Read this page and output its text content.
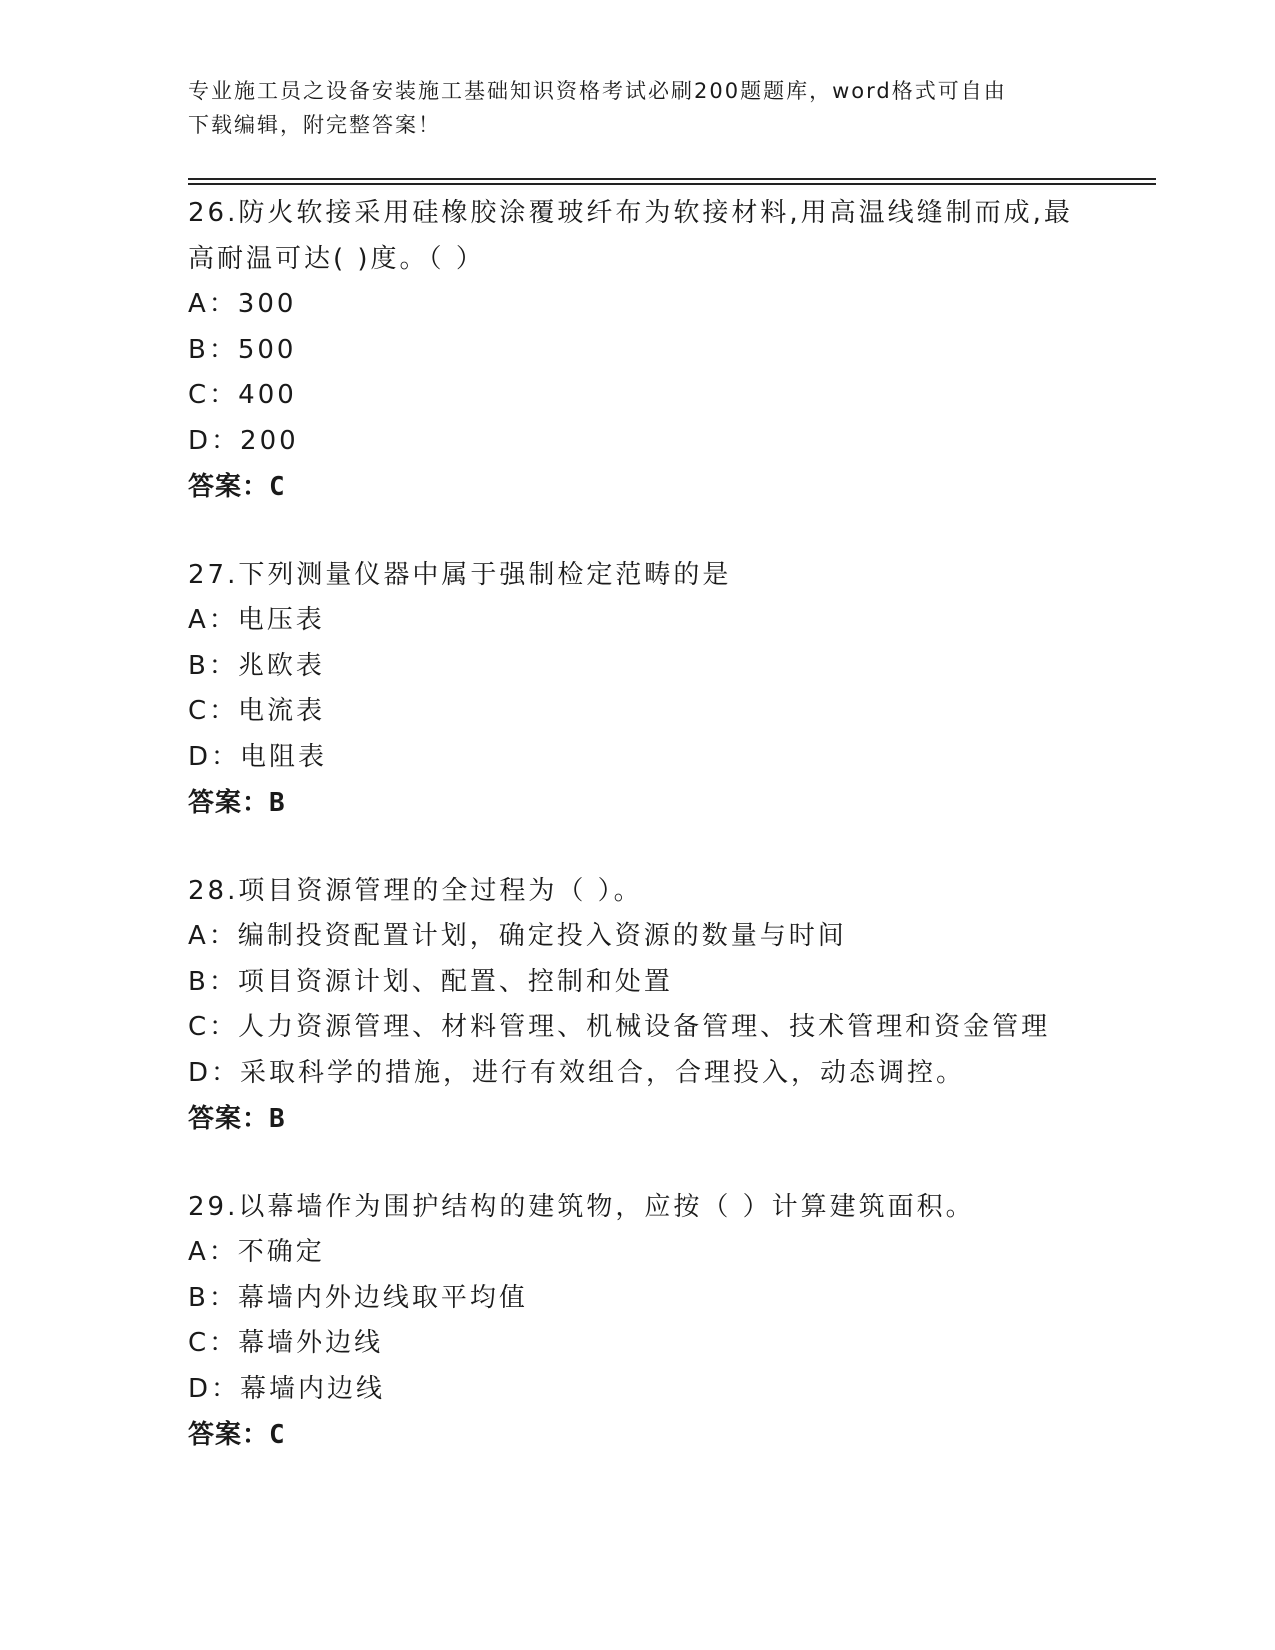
专业施工员之设备安装施工基础知识资格考试必刷200题题库，word格式可自由
下载编辑，附完整答案！
26.防火软接采用硅橡胶涂覆玻纤布为软接材料,用高温线缝制而成,最
高耐温可达( )度。（ ）
A：300
B：500
C：400
D：200
答案：C
27.下列测量仪器中属于强制检定范畴的是
A：电压表
B：兆欧表
C：电流表
D：电阻表
答案：B
28.项目资源管理的全过程为（ ）。
A：编制投资配置计划，确定投入资源的数量与时间
B：项目资源计划、配置、控制和处置
C：人力资源管理、材料管理、机械设备管理、技术管理和资金管理
D：采取科学的措施，进行有效组合，合理投入，动态调控。
答案：B
29.以幕墙作为围护结构的建筑物，应按（ ）计算建筑面积。
A：不确定
B：幕墙内外边线取平均值
C：幕墙外边线
D：幕墙内边线
答案：C
